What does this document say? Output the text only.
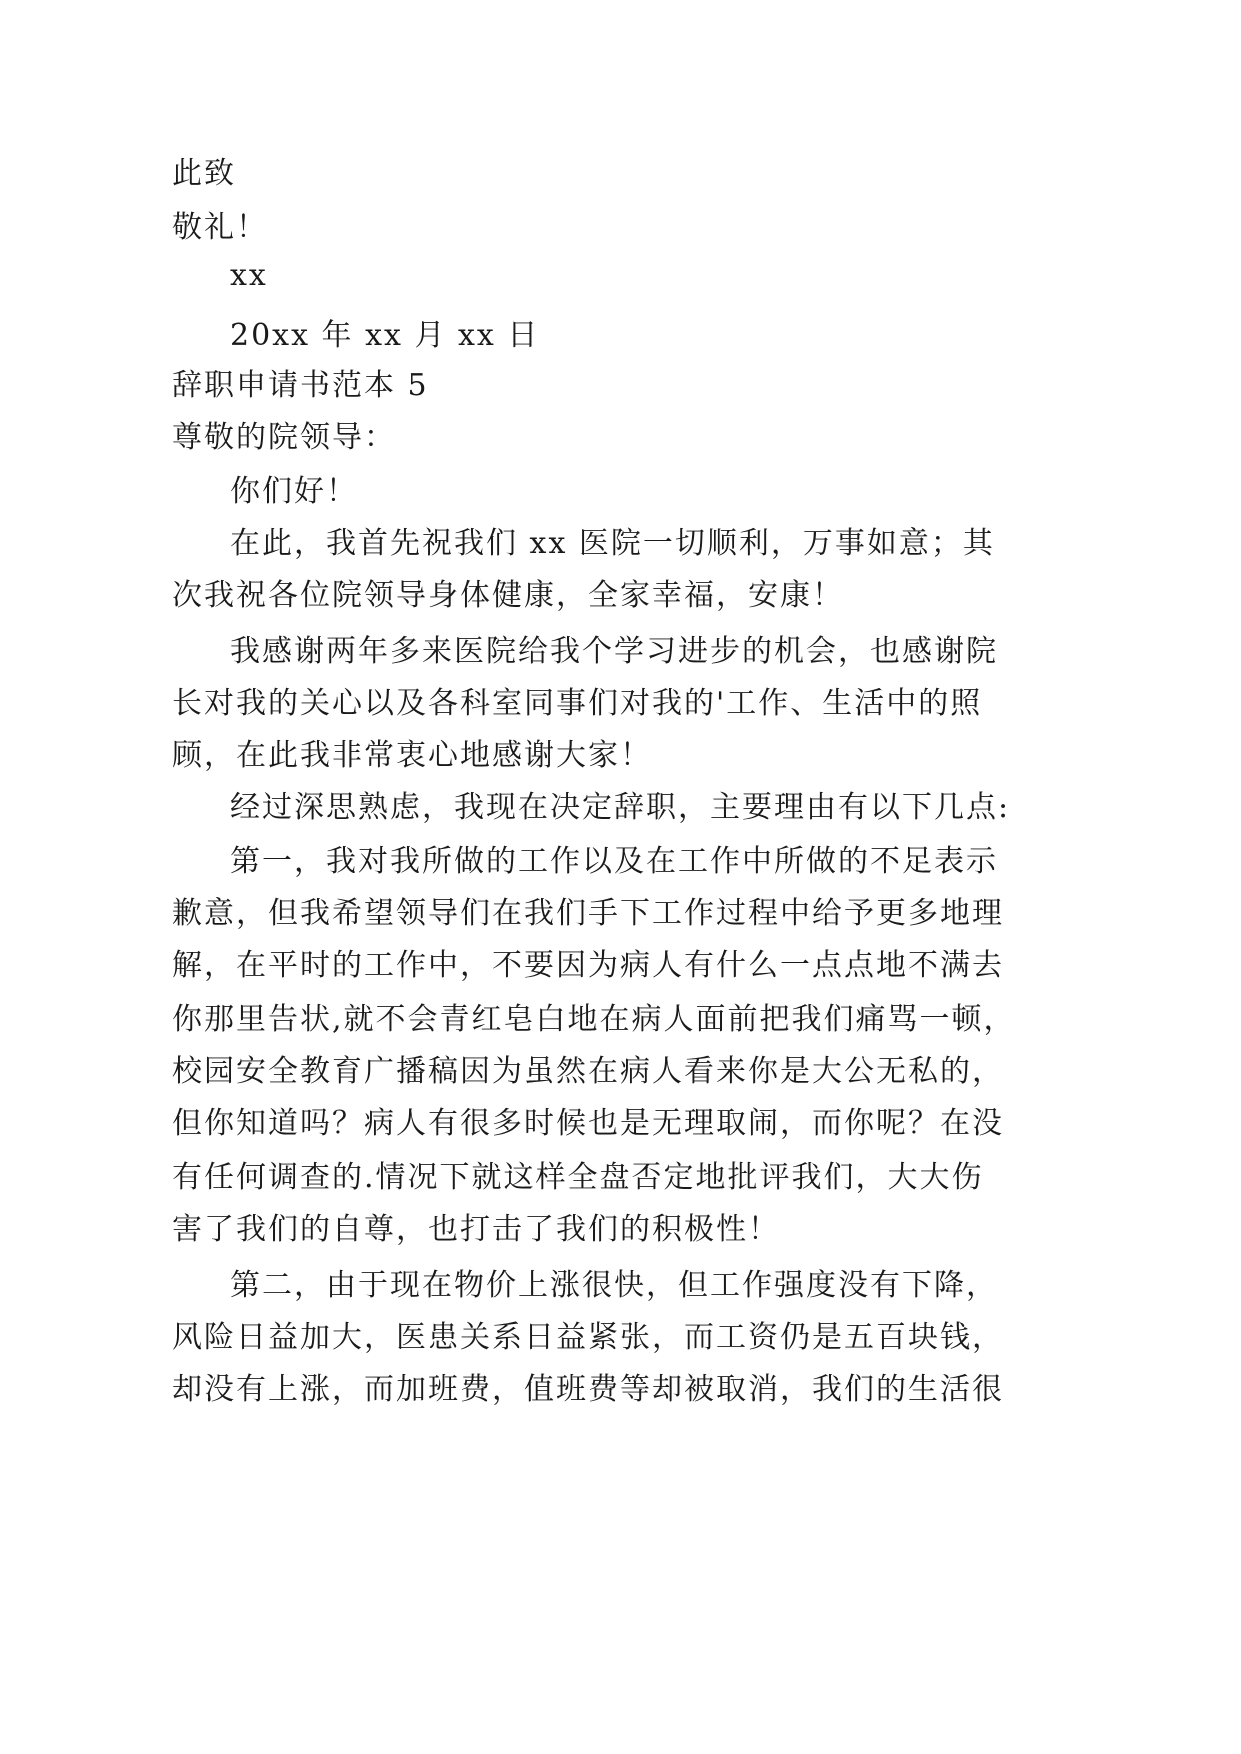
此致
敬礼！
xx
20xx 年 xx 月 xx 日
辞职申请书范本 5
尊敬的院领导：
你们好！
在此，我首先祝我们 xx 医院一切顺利，万事如意；其
次我祝各位院领导身体健康，全家幸福，安康！
我感谢两年多来医院给我个学习进步的机会，也感谢院
长对我的关心以及各科室同事们对我的'工作、生活中的照
顾，在此我非常衷心地感谢大家！
经过深思熟虑，我现在决定辞职，主要理由有以下几点:
第一，我对我所做的工作以及在工作中所做的不足表示
歉意，但我希望领导们在我们手下工作过程中给予更多地理
解，在平时的工作中，不要因为病人有什么一点点地不满去
你那里告状,就不会青红皂白地在病人面前把我们痛骂一顿，
校园安全教育广播稿因为虽然在病人看来你是大公无私的，
但你知道吗？病人有很多时候也是无理取闹，而你呢？在没
有任何调查的.情况下就这样全盘否定地批评我们，大大伤
害了我们的自尊，也打击了我们的积极性！
第二，由于现在物价上涨很快，但工作强度没有下降，
风险日益加大，医患关系日益紧张，而工资仍是五百块钱，
却没有上涨，而加班费，值班费等却被取消，我们的生活很
